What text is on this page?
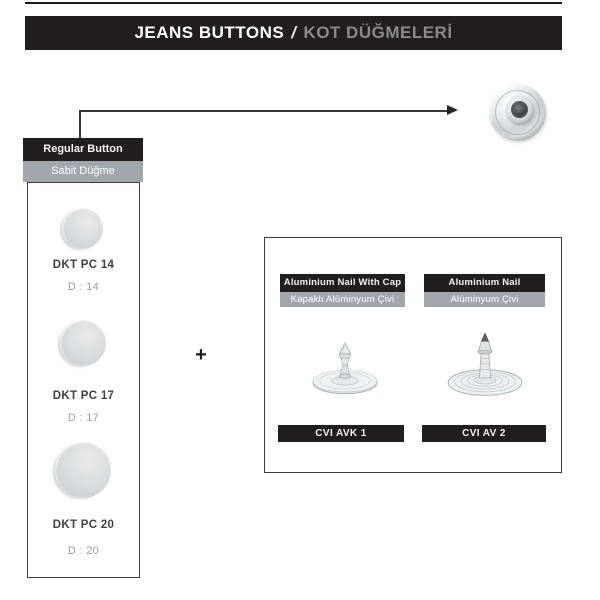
JEANS BUTTONS / KOT DÜĞMELERİ
Regular Button
Sabit Düğme
DKT PC 14
D : 14
DKT PC 17
D : 17
DKT PC 20
D : 20
+
Aluminium Nail With Cap
Kapaklı Alüminyum Çivi
Aluminium Nail
Alüminyum Çivi
CVI AVK 1	CVI AV 2
